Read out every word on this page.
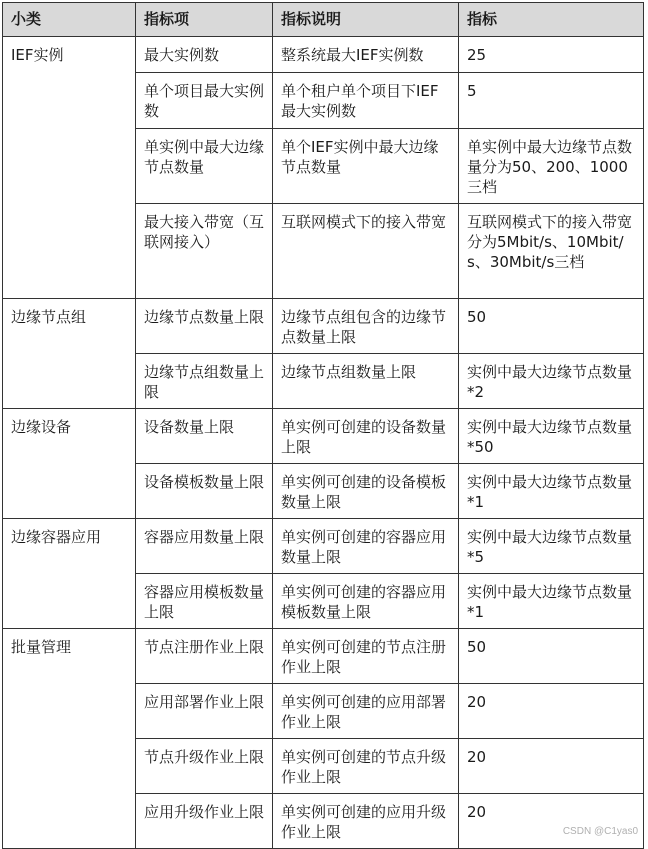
小类	指标项	指标说明	指标
IEF实例	最大实例数	整系统最大IEF实例数	25
	单个项目最大实例数	单个租户单个项目下IEF最大实例数	5
	单实例中最大边缘节点数量	单个IEF实例中最大边缘节点数量	单实例中最大边缘节点数量分为50、200、1000三档
	最大接入带宽（互联网接入）	互联网模式下的接入带宽	互联网模式下的接入带宽分为5Mbit/s、10Mbit/s、30Mbit/s三档
边缘节点组	边缘节点数量上限	边缘节点组包含的边缘节点数量上限	50
	边缘节点组数量上限	边缘节点组数量上限	实例中最大边缘节点数量*2
边缘设备	设备数量上限	单实例可创建的设备数量上限	实例中最大边缘节点数量*50
	设备模板数量上限	单实例可创建的设备模板数量上限	实例中最大边缘节点数量*1
边缘容器应用	容器应用数量上限	单实例可创建的容器应用数量上限	实例中最大边缘节点数量*5
	容器应用模板数量上限	单实例可创建的容器应用模板数量上限	实例中最大边缘节点数量*1
批量管理	节点注册作业上限	单实例可创建的节点注册作业上限	50
	应用部署作业上限	单实例可创建的应用部署作业上限	20
	节点升级作业上限	单实例可创建的节点升级作业上限	20
	应用升级作业上限	单实例可创建的应用升级作业上限	20
CSDN @C1yas0
